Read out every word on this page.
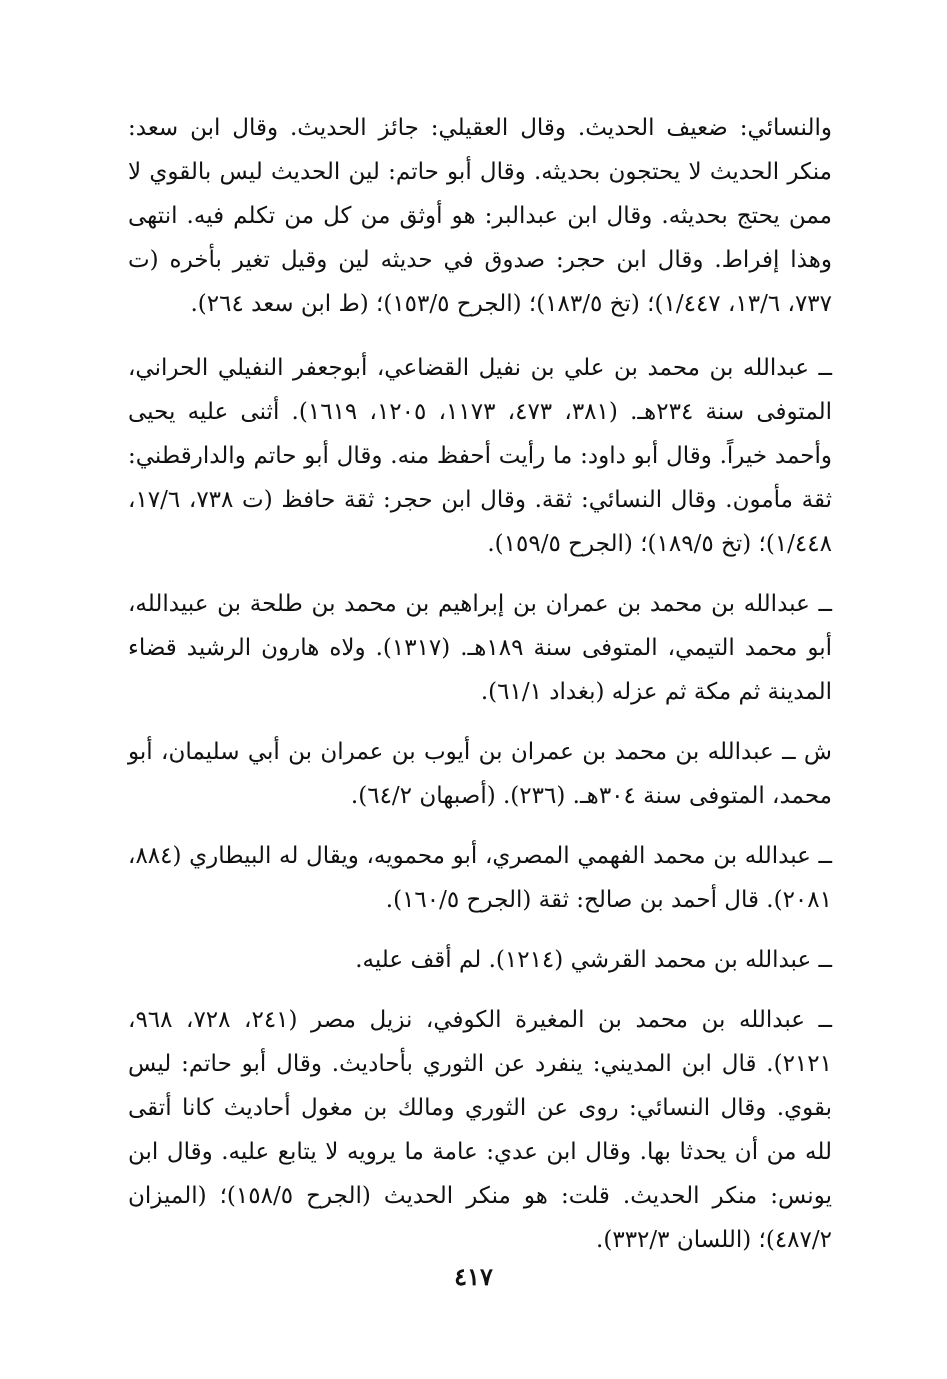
والنسائي: ضعيف الحديث. وقال العقيلي: جائز الحديث. وقال ابن سعد: منكر الحديث لا يحتجون بحديثه. وقال أبو حاتم: لين الحديث ليس بالقوي لا ممن يحتج بحديثه. وقال ابن عبدالبر: هو أوثق من كل من تكلم فيه. انتهى وهذا إفراط. وقال ابن حجر: صدوق في حديثه لين وقيل تغير بأخره (ت ٧٣٧، ١٣/٦، ١/٤٤٧)؛ (تخ ١٨٣/٥)؛ (الجرح ١٥٣/٥)؛ (ط ابن سعد ٢٦٤).

ــ عبدالله بن محمد بن علي بن نفيل القضاعي، أبوجعفر النفيلي الحراني، المتوفى سنة ٢٣٤هـ. (٣٨١، ٤٧٣، ١١٧٣، ١٢٠٥، ١٦١٩). أثنى عليه يحيى وأحمد خيراً. وقال أبو داود: ما رأيت أحفظ منه. وقال أبو حاتم والدارقطني: ثقة مأمون. وقال النسائي: ثقة. وقال ابن حجر: ثقة حافظ (ت ٧٣٨، ١٧/٦، ١/٤٤٨)؛ (تخ ١٨٩/٥)؛ (الجرح ١٥٩/٥).

ــ عبدالله بن محمد بن عمران بن إبراهيم بن محمد بن طلحة بن عبيدالله، أبو محمد التيمي، المتوفى سنة ١٨٩هـ. (١٣١٧). ولاه هارون الرشيد قضاء المدينة ثم مكة ثم عزله (بغداد ٦١/١).

ش ــ عبدالله بن محمد بن عمران بن أيوب بن عمران بن أبي سليمان، أبو محمد، المتوفى سنة ٣٠٤هـ. (٢٣٦). (أصبهان ٦٤/٢).

ــ عبدالله بن محمد الفهمي المصري، أبو محمويه، ويقال له البيطاري (٨٨٤، ٢٠٨١). قال أحمد بن صالح: ثقة (الجرح ١٦٠/٥).

ــ عبدالله بن محمد القرشي (١٢١٤). لم أقف عليه.

ــ عبدالله بن محمد بن المغيرة الكوفي، نزيل مصر (٢٤١، ٧٢٨، ٩٦٨، ٢١٢١). قال ابن المديني: ينفرد عن الثوري بأحاديث. وقال أبو حاتم: ليس بقوي. وقال النسائي: روى عن الثوري ومالك بن مغول أحاديث كانا أتقى لله من أن يحدثا بها. وقال ابن عدي: عامة ما يرويه لا يتابع عليه. وقال ابن يونس: منكر الحديث. قلت: هو منكر الحديث (الجرح ١٥٨/٥)؛ (الميزان ٤٨٧/٢)؛ (اللسان ٣٣٢/٣).

٤١٧
